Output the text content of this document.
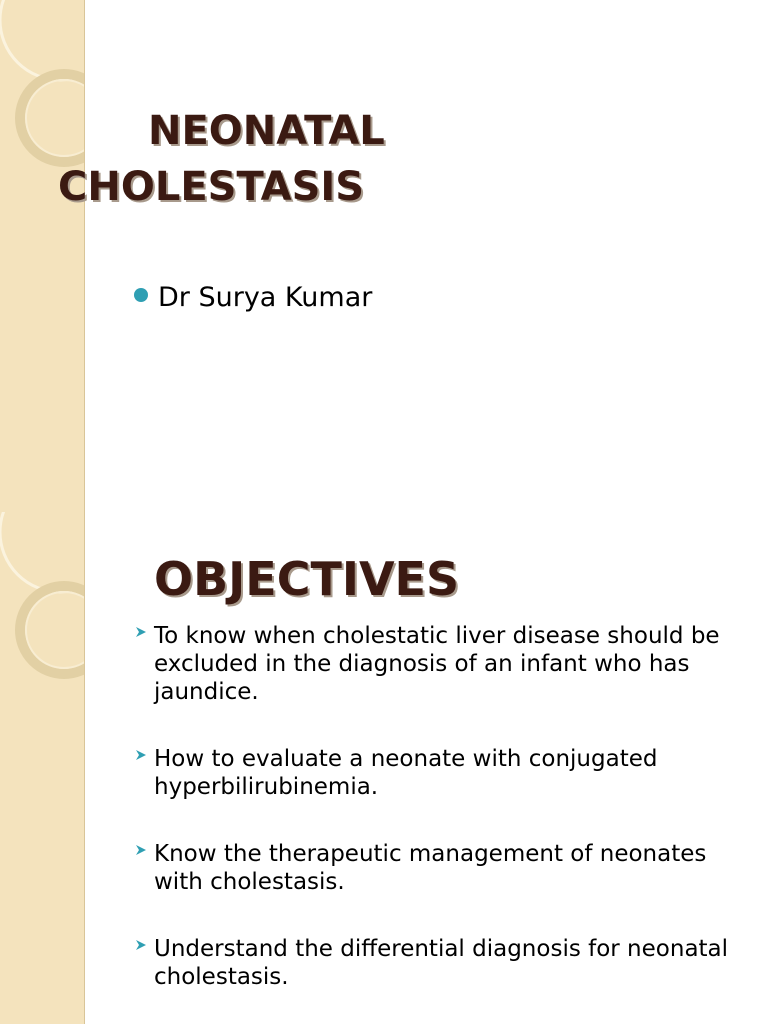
NEONATAL
CHOLESTASIS
Dr Surya Kumar
OBJECTIVES
To know when cholestatic liver disease should be excluded in the diagnosis of an infant who has jaundice.
How to evaluate a neonate with conjugated hyperbilirubinemia.
Know the therapeutic management of neonates with cholestasis.
Understand the differential diagnosis for neonatal cholestasis.
